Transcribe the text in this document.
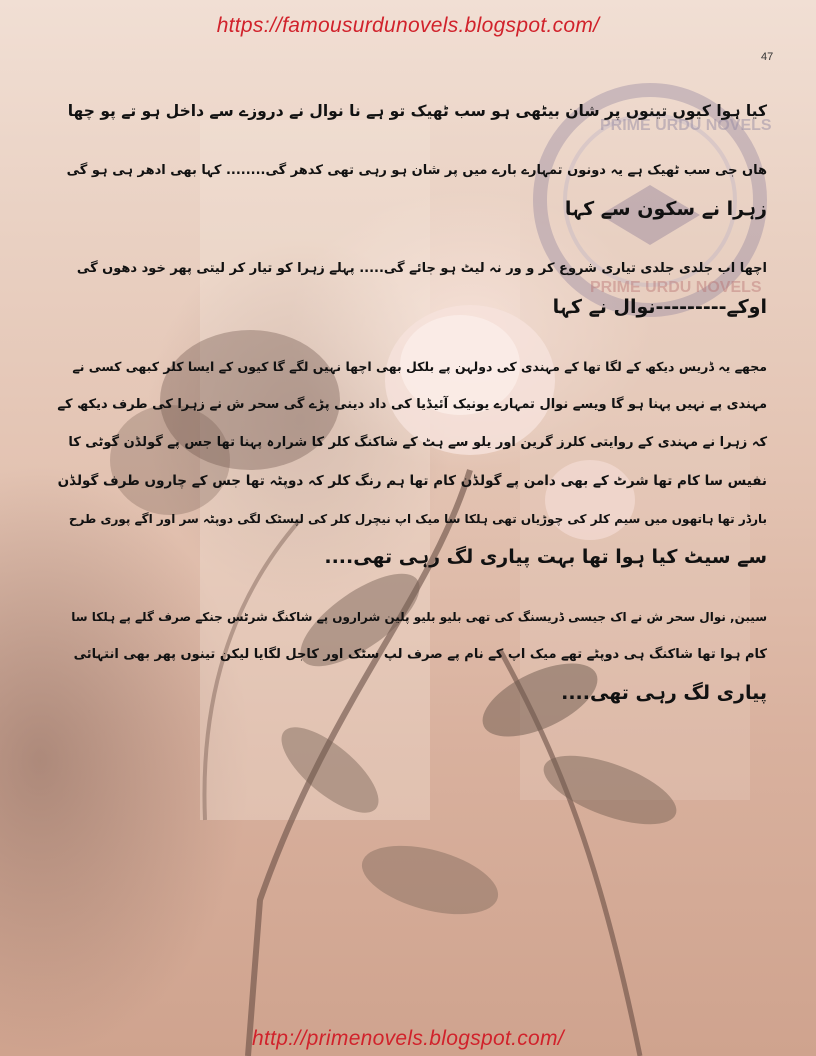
PRIME URDU NOVELS
PRIME URDU NOVELS
https://famousurdunovels.blogspot.com/
47
کیا ہوا کیوں تینوں پر شان بیٹھی ہو سب ٹھیک تو ہے نا نوال نے دروزے سے داخل ہو تے پو چھا
ھاں جی سب ٹھیک ہے یہ دونوں تمہارے بارے میں پر شان ہو رہی تھی کدھر گی........ کہا بھی ادھر ہی ہو گی
زہرا نے سکون سے کہا
اچھا اب جلدی جلدی تیاری شروع کر و ور نہ لیٹ ہو جائے گی..... پہلے زہرا کو تیار کر لیتی پھر خود دھوں گی
اوکے---------نوال نے کہا
مجھے یہ ڈریس دیکھ کے لگا تھا کے مہندی کی دولہن پے بلکل بھی اچھا نہیں لگے گا کیوں کے ایسا کلر کبھی کسی نے
مہندی پے نہیں پہنا ہو گا ویسے نوال تمہارے یونیک آئیڈیا کی داد دینی پڑے گی سحر ش نے زہرا کی طرف دیکھ کے
کہ زہرا نے مہندی کے روایتی کلرز گرین اور یلو سے ہٹ کے شاکنگ کلر کا شرارہ پہنا تھا جس پے گولڈن گوٹی کا
نفیس سا کام تھا شرٹ کے بھی دامن پے گولڈن کام تھا ہم رنگ کلر کہ دوپٹہ تھا جس کے چاروں طرف گولڈن
بارڈر تھا ہاتھوں میں سیم کلر کی چوڑیاں تھی ہلکا سا میک اپ نیچرل کلر کی لپسٹک لگی دوپٹہ سر اور اگے پوری طرح
سے سیٹ کیا ہوا تھا بہت پیاری لگ رہی تھی....
سیبن, نوال سحر ش نے اک جیسی ڈریسنگ کی تھی بلیو بلیو پلین شراروں پے شاکنگ شرٹس جنکے صرف گلے پے ہلکا سا
کام ہوا تھا شاکنگ ہی دوپٹے تھے میک اپ کے نام پے صرف لپ سٹک اور کاجل لگایا لیکن تینوں پھر بھی انتہائی
پیاری لگ رہی تھی....
http://primenovels.blogspot.com/
